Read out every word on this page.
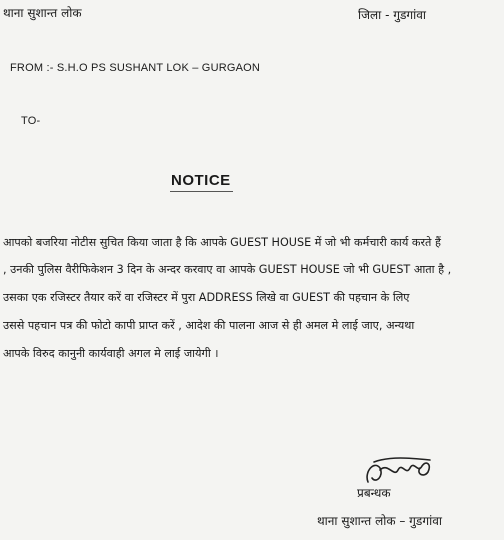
थाना सुशान्त लोक	जिला - गुडगांवा
FROM :- S.H.O PS SUSHANT LOK – GURGAON
TO-
NOTICE
आपको बजरिया नोटीस सुचित किया जाता है कि आपके GUEST HOUSE में जो भी कर्मचारी कार्य करते हैं
, उनकी पुलिस वैरीफिकेशन 3 दिन के अन्दर करवाए वा आपके GUEST HOUSE जो भी GUEST आता है ,
उसका एक रजिस्टर तैयार करें वा रजिस्टर में पुरा ADDRESS लिखे वा GUEST की पहचान के लिए
उससे पहचान पत्र की फोटो कापी प्राप्त करें , आदेश की पालना आज से ही अमल मे लाई जाए, अन्यथा
आपके विरुद कानुनी कार्यवाही अगल मे लाई जायेगी ।
प्रबन्धक
थाना सुशान्त लोक – गुडगांवा
